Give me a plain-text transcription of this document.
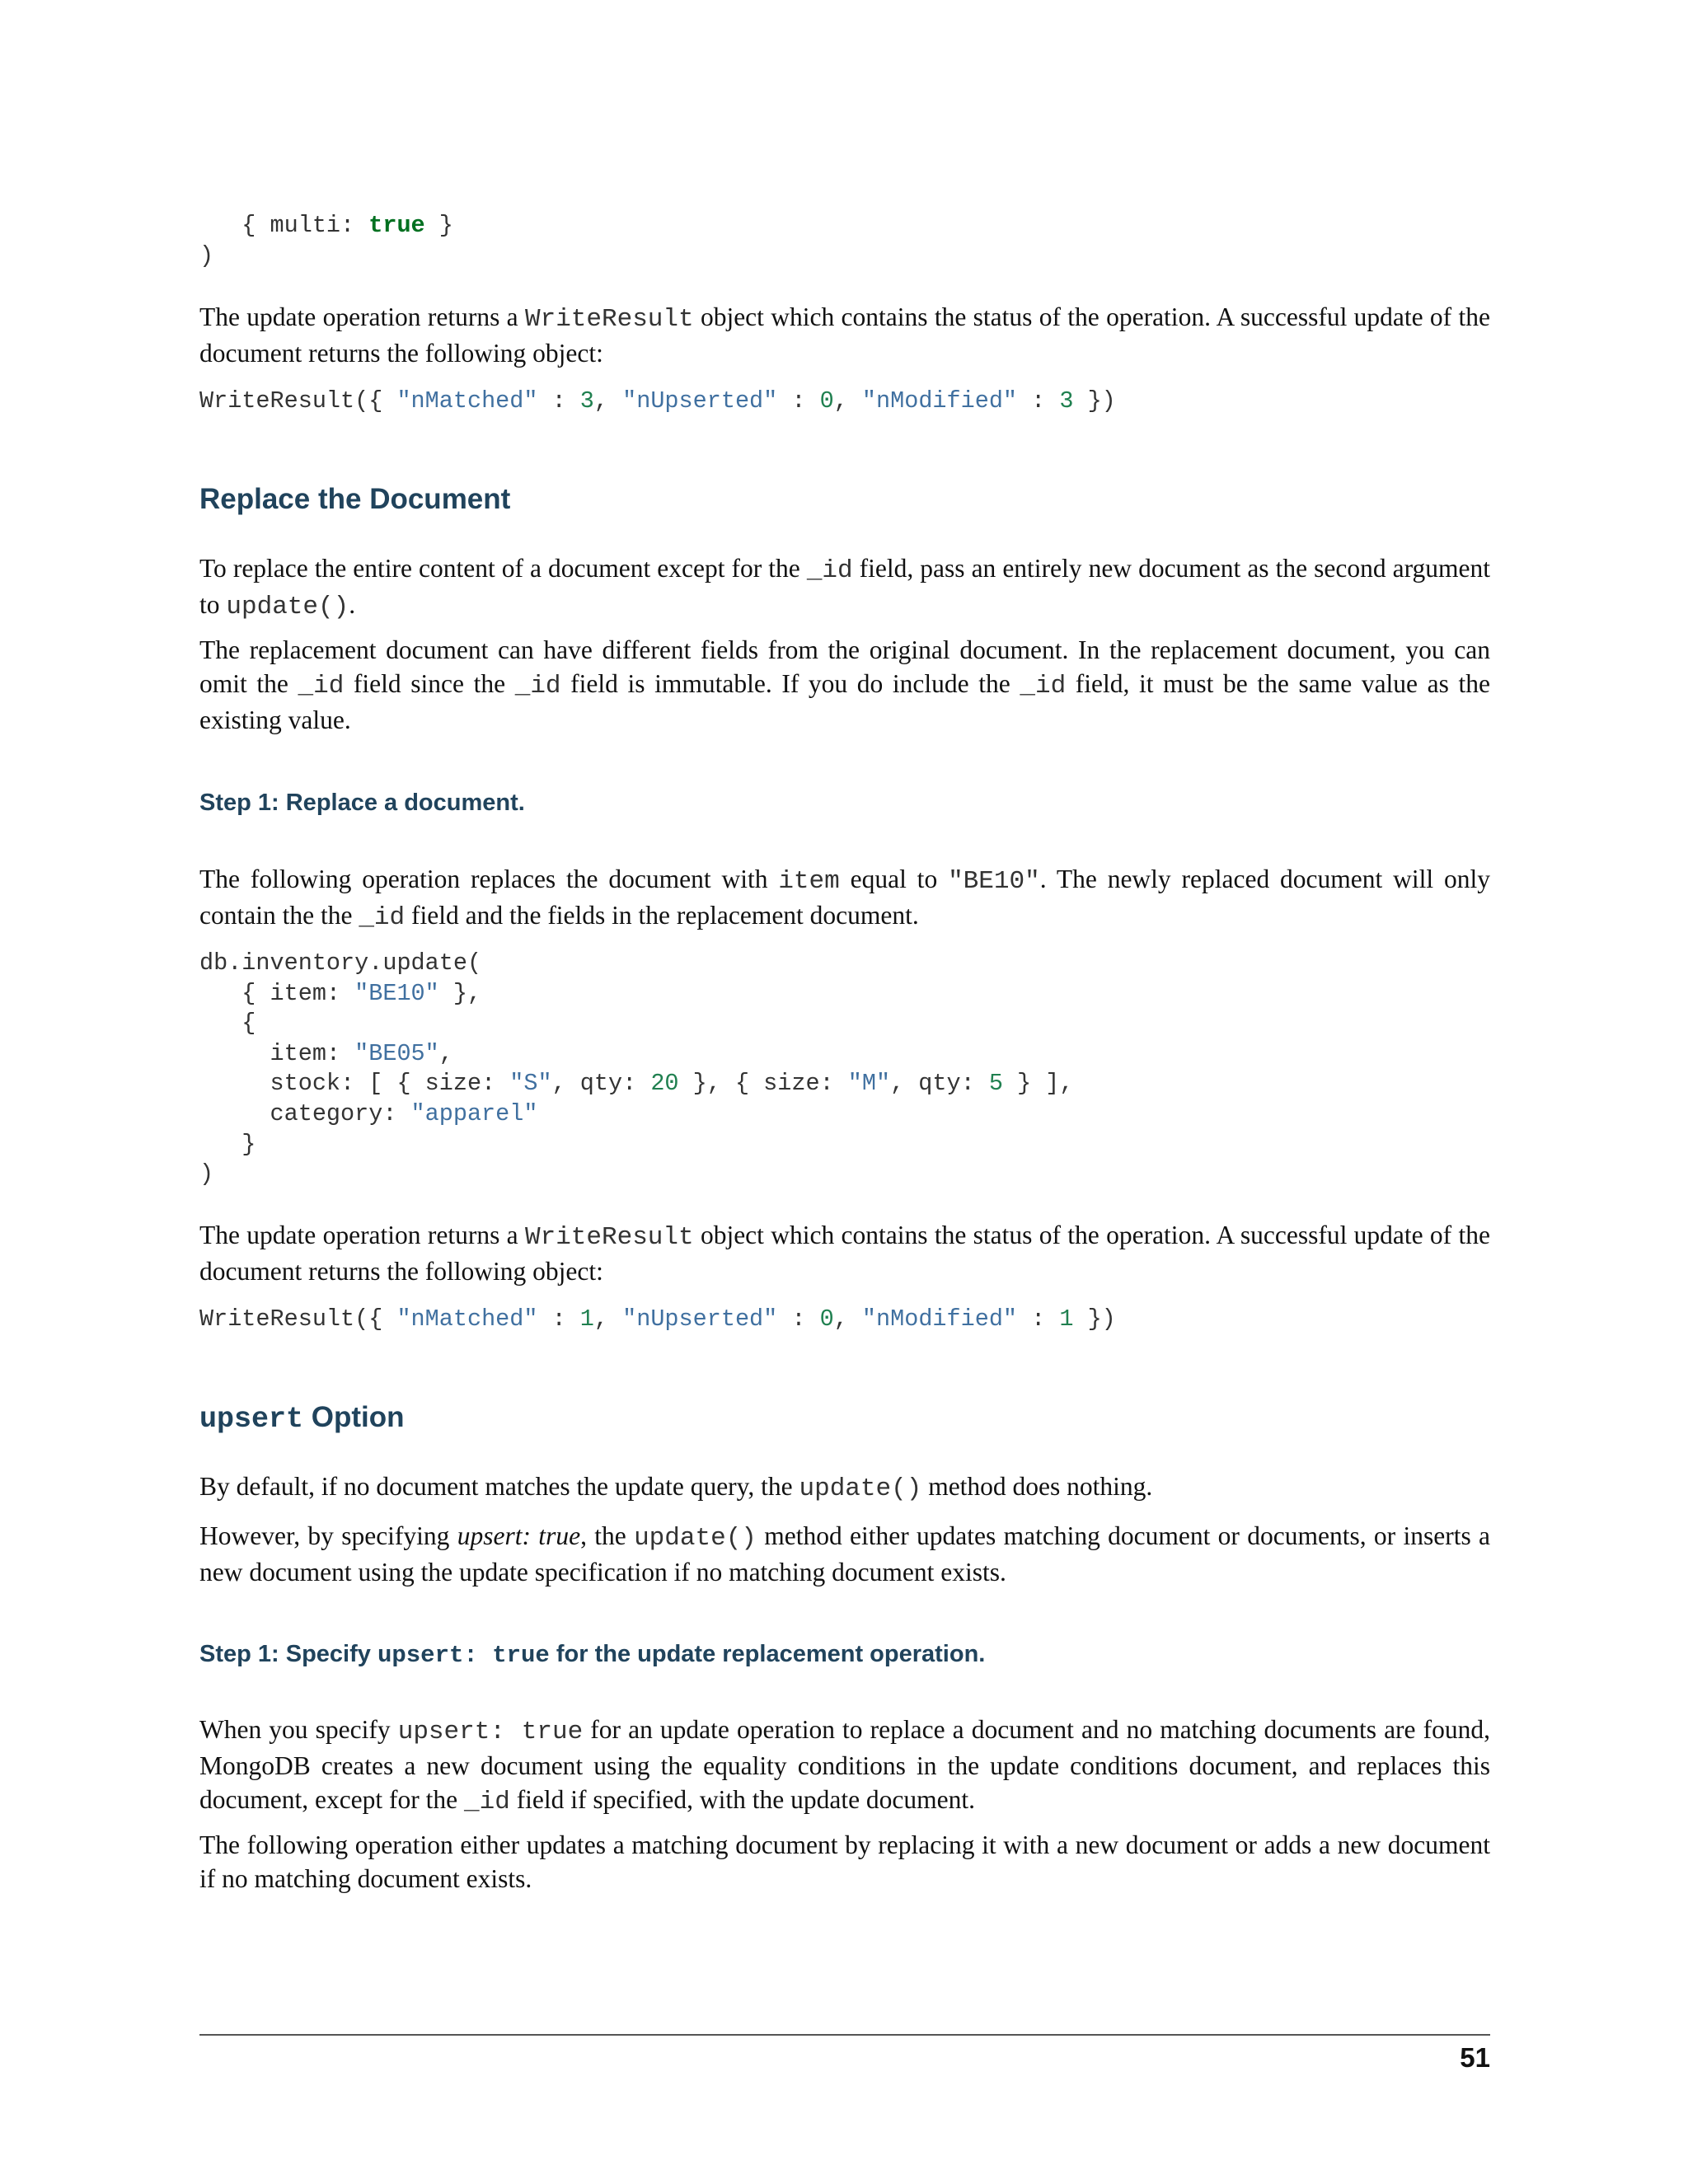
{ multi: true }
)

The update operation returns a WriteResult object which contains the status of the operation. A successful update of the document returns the following object:

WriteResult({ "nMatched" : 3, "nUpserted" : 0, "nModified" : 3 })
Replace the Document

To replace the entire content of a document except for the _id field, pass an entirely new document as the second argument to update().

The replacement document can have different fields from the original document. In the replacement document, you can omit the _id field since the _id field is immutable. If you do include the _id field, it must be the same value as the existing value.

Step 1: Replace a document.

The following operation replaces the document with item equal to "BE10". The newly replaced document will only contain the the _id field and the fields in the replacement document.

db.inventory.update(
{ item: "BE10" },
{
item: "BE05",
stock: [ { size: "S", qty: 20 }, { size: "M", qty: 5 } ],
category: "apparel"
}
)

The update operation returns a WriteResult object which contains the status of the operation. A successful update of the document returns the following object:

WriteResult({ "nMatched" : 1, "nUpserted" : 0, "nModified" : 1 })
upsert Option

By default, if no document matches the update query, the update() method does nothing.

However, by specifying upsert: true, the update() method either updates matching document or documents, or inserts a new document using the update specification if no matching document exists.

Step 1: Specify upsert: true for the update replacement operation.

When you specify upsert: true for an update operation to replace a document and no matching documents are found, MongoDB creates a new document using the equality conditions in the update conditions document, and replaces this document, except for the _id field if specified, with the update document.

The following operation either updates a matching document by replacing it with a new document or adds a new document if no matching document exists.

51
